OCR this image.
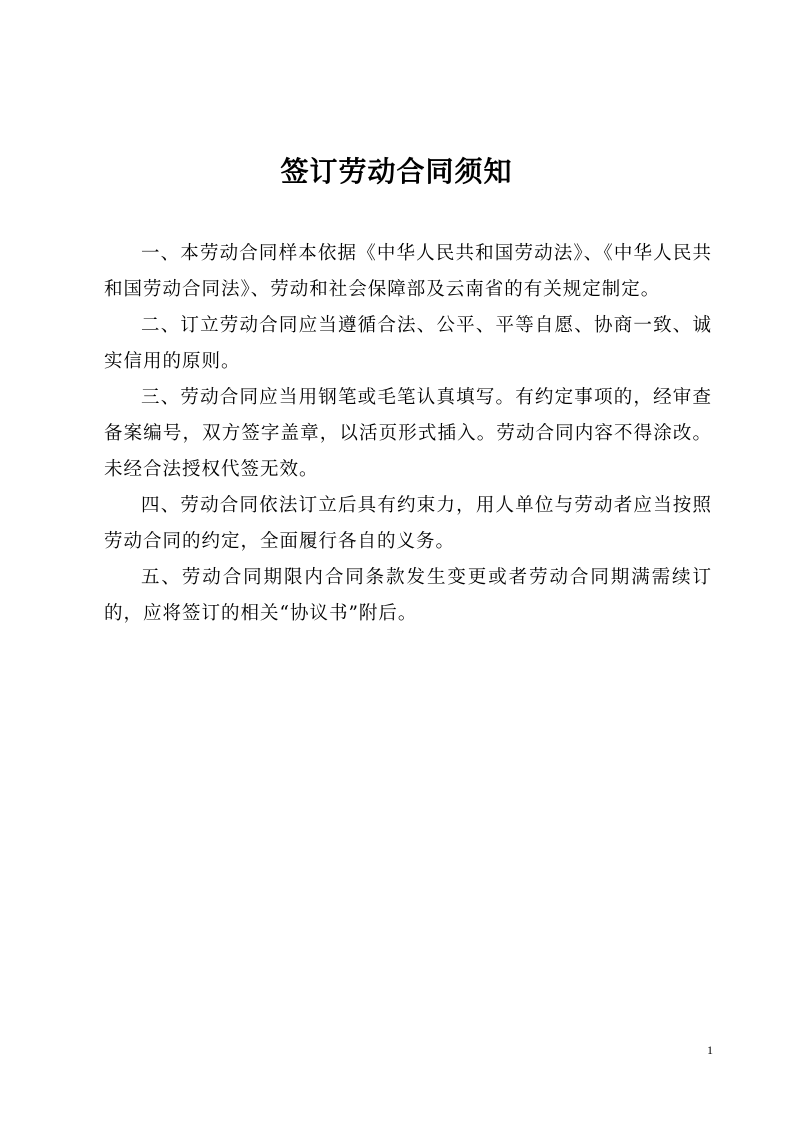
签订劳动合同须知

一、本劳动合同样本依据《中华人民共和国劳动法》、《中华人民共和国劳动合同法》、劳动和社会保障部及云南省的有关规定制定。

二、订立劳动合同应当遵循合法、公平、平等自愿、协商一致、诚实信用的原则。

三、劳动合同应当用钢笔或毛笔认真填写。有约定事项的，经审查备案编号，双方签字盖章，以活页形式插入。劳动合同内容不得涂改。未经合法授权代签无效。

四、劳动合同依法订立后具有约束力，用人单位与劳动者应当按照劳动合同的约定，全面履行各自的义务。

五、劳动合同期限内合同条款发生变更或者劳动合同期满需续订的，应将签订的相关“协议书”附后。

1
